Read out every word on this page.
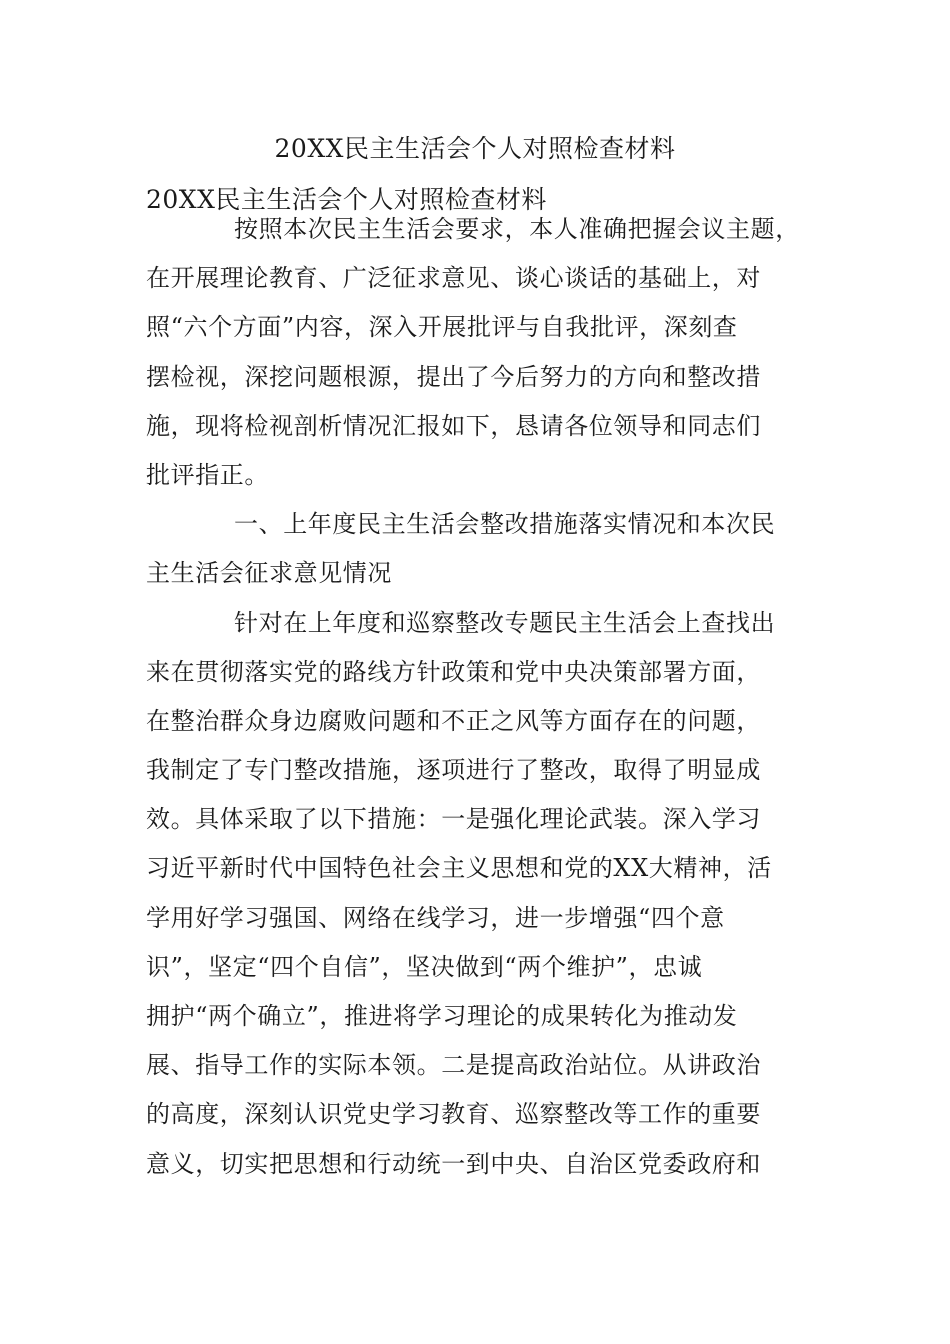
20XX民主生活会个人对照检查材料
20XX民主生活会个人对照检查材料
按照本次民主生活会要求，本人准确把握会议主题，
在开展理论教育、广泛征求意见、谈心谈话的基础上，对
照“六个方面”内容，深入开展批评与自我批评，深刻查
摆检视，深挖问题根源，提出了今后努力的方向和整改措
施，现将检视剖析情况汇报如下，恳请各位领导和同志们
批评指正。
一、上年度民主生活会整改措施落实情况和本次民
主生活会征求意见情况
针对在上年度和巡察整改专题民主生活会上查找出
来在贯彻落实党的路线方针政策和党中央决策部署方面，
在整治群众身边腐败问题和不正之风等方面存在的问题，
我制定了专门整改措施，逐项进行了整改，取得了明显成
效。具体采取了以下措施：一是强化理论武装。深入学习
习近平新时代中国特色社会主义思想和党的XX大精神，活
学用好学习强国、网络在线学习，进一步增强“四个意
识”，坚定“四个自信”，坚决做到“两个维护”，忠诚
拥护“两个确立”，推进将学习理论的成果转化为推动发
展、指导工作的实际本领。二是提高政治站位。从讲政治
的高度，深刻认识党史学习教育、巡察整改等工作的重要
意义，切实把思想和行动统一到中央、自治区党委政府和
